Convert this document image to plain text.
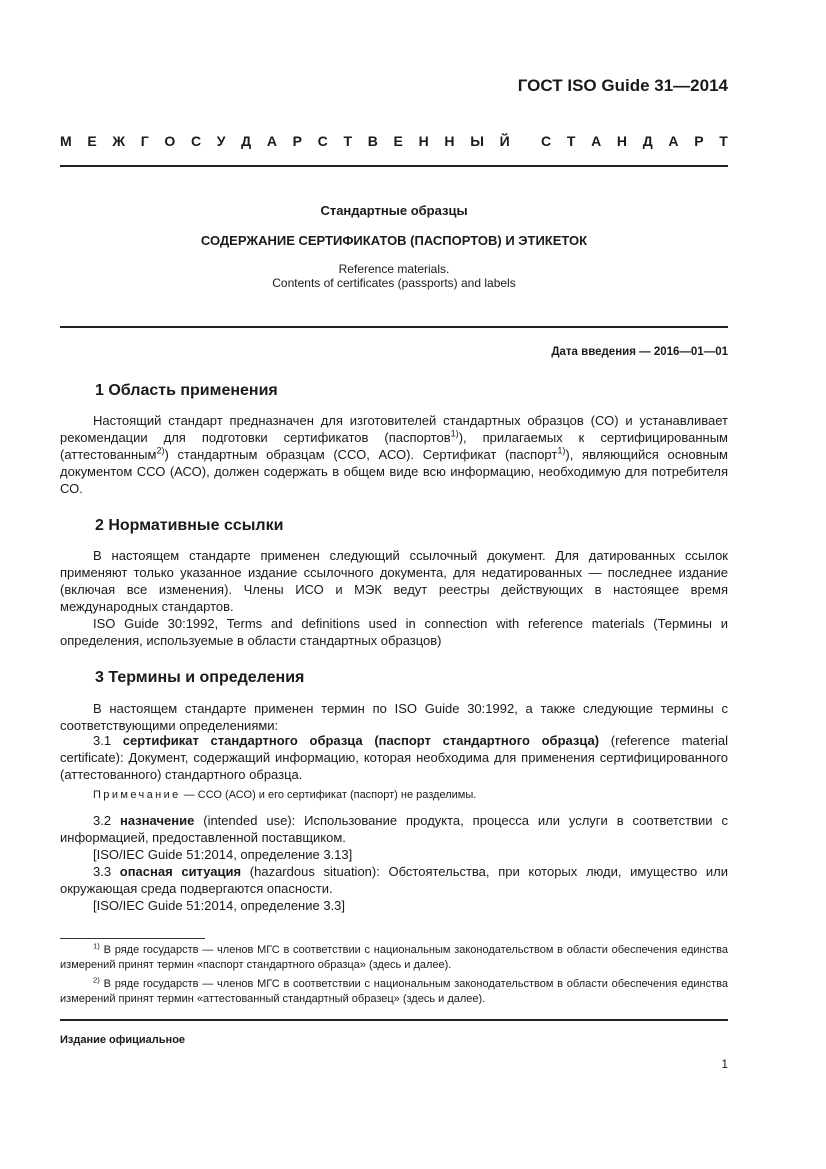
ГОСТ ISO Guide 31—2014
М Е Ж Г О С У Д А Р С Т В Е Н Н Ы Й С Т А Н Д А Р Т
Стандартные образцы
СОДЕРЖАНИЕ СЕРТИФИКАТОВ (ПАСПОРТОВ) И ЭТИКЕТОК
Reference materials.
Contents of certificates (passports) and labels
Дата введения — 2016—01—01
1 Область применения

Настоящий стандарт предназначен для изготовителей стандартных образцов (СО) и устанавливает рекомендации для подготовки сертификатов (паспортов$^{1)}$), прилагаемых к сертифицированным (аттестованным$^{2)}$) стандартным образцам (ССО, АСО). Сертификат (паспорт$^{1)}$), являющийся основным документом ССО (АСО), должен содержать в общем виде всю информацию, необходимую для потребителя СО.

2 Нормативные ссылки

В настоящем стандарте применен следующий ссылочный документ. Для датированных ссылок применяют только указанное издание ссылочного документа, для недатированных — последнее издание (включая все изменения). Члены ИСО и МЭК ведут реестры действующих в настоящее время международных стандартов.

ISO Guide 30:1992, Terms and definitions used in connection with reference materials (Термины и определения, используемые в области стандартных образцов)

3 Термины и определения

В настоящем стандарте применен термин по ISO Guide 30:1992, а также следующие термины с соответствующими определениями:

3.1 сертификат стандартного образца (паспорт стандартного образца) (reference material certificate): Документ, содержащий информацию, которая необходима для применения сертифицированного (аттестованного) стандартного образца.

Примечание — ССО (АСО) и его сертификат (паспорт) не разделимы.

3.2 назначение (intended use): Использование продукта, процесса или услуги в соответствии с информацией, предоставленной поставщиком.

[ISO/IEC Guide 51:2014, определение 3.13]

3.3 опасная ситуация (hazardous situation): Обстоятельства, при которых люди, имущество или окружающая среда подвергаются опасности.

[ISO/IEC Guide 51:2014, определение 3.3]

$^{1)}$ В ряде государств — членов МГС в соответствии с национальным законодательством в области обеспечения единства измерений принят термин «паспорт стандартного образца» (здесь и далее).

$^{2)}$ В ряде государств — членов МГС в соответствии с национальным законодательством в области обеспечения единства измерений принят термин «аттестованный стандартный образец» (здесь и далее).

Издание официальное
1
